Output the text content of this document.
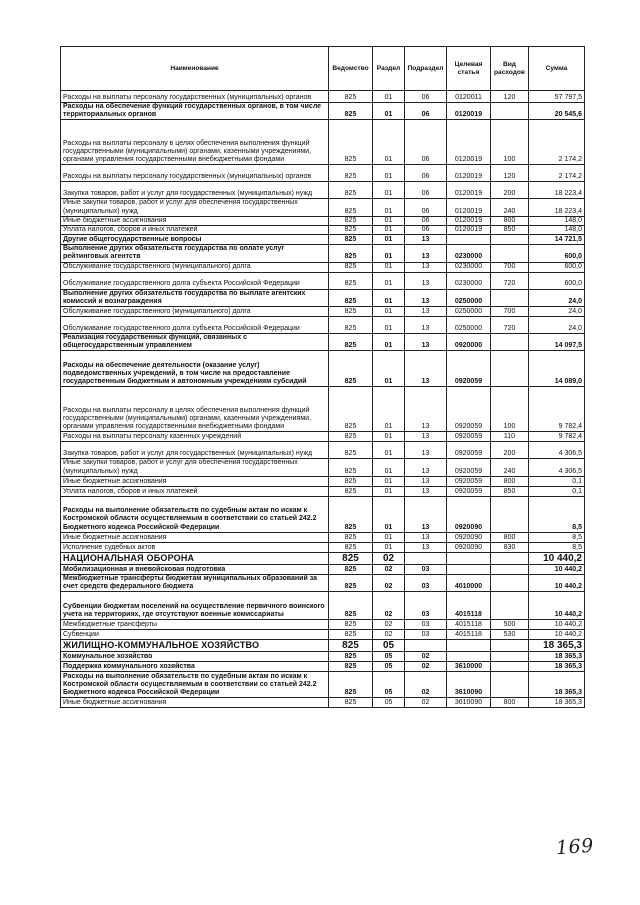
Наименование	Ведомство	Раздел	Подраздел	Целевая статья	Вид расходов	Сумма
Расходы на выплаты персоналу государственных (муниципальных) органов	825	01	06	0120011	120	57 797,5
Расходы на обеспечение функций государственных органов, в том числе территориальных органов	825	01	06	0120019		20 545,6
Расходы на выплаты персоналу в целях обеспечения выполнения функций государственными (муниципальными) органами, казенными учреждениями, органами управления государственными внебюджетными фондами	825	01	06	0120019	100	2 174,2
Расходы на выплаты персоналу государственных (муниципальных) органов	825	01	06	0120019	120	2 174,2
Закупка товаров, работ и услуг для государственных (муниципальных) нужд	825	01	06	0120019	200	18 223,4
Иные закупки товаров, работ и услуг для обеспечения государственных (муниципальных) нужд	825	01	06	0120019	240	18 223,4
Иные бюджетные ассигнования	825	01	06	0120019	800	148,0
Уплата налогов, сборов и иных платежей	825	01	06	0120019	850	148,0
Другие общегосударственные вопросы	825	01	13			14 721,5
Выполнение других обязательств государства по оплате услуг рейтинговых агентств	825	01	13	0230000		600,0
Обслуживание государственного (муниципального) долга	825	01	13	0230000	700	600,0
Обслуживание государственного долга субъекта Российской Федерации	825	01	13	0230000	720	600,0
Выполнение других обязательств государства по выплате агентских комиссий и вознаграждения	825	01	13	0250000		24,0
Обслуживание государственного (муниципального) долга	825	01	13	0250000	700	24,0
Обслуживание государственного долга субъекта Российской Федерации	825	01	13	0250000	720	24,0
Реализация государственных функций, связанных с общегосударственным управлением	825	01	13	0920000		14 097,5
Расходы на обеспечение деятельности (оказание услуг) подведомственных учреждений, в том числе на предоставление государственным бюджетным и автономным учреждениям субсидий	825	01	13	0920059		14 089,0
Расходы на выплаты персоналу в целях обеспечения выполнения функций государственными (муниципальными) органами, казенными учреждениями, органами управления государственными внебюджетными фондами	825	01	13	0920059	100	9 782,4
Расходы на выплаты персоналу казенных учреждений	825	01	13	0920059	110	9 782,4
Закупка товаров, работ и услуг для государственных (муниципальных) нужд	825	01	13	0920059	200	4 306,5
Иные закупки товаров, работ и услуг для обеспечения государственных (муниципальных) нужд	825	01	13	0920059	240	4 306,5
Иные бюджетные ассигнования	825	01	13	0920059	800	0,1
Уплата налогов, сборов и иных платежей	825	01	13	0920059	850	0,1
Расходы на выполнение обязательств по судебным актам по искам к Костромской области осуществляемым в соответствии со статьей 242.2 Бюджетного кодекса Российской Федерации	825	01	13	0920090		8,5
Иные бюджетные ассигнования	825	01	13	0920090	800	8,5
Исполнение судебных актов	825	01	13	0920090	830	8,5
НАЦИОНАЛЬНАЯ ОБОРОНА	825	02				10 440,2
Мобилизационная и вневойсковая подготовка	825	02	03			10 440,2
Межбюджетные трансферты бюджетам муниципальных образований за счет средств федерального бюджета	825	02	03	4010000		10 440,2
Субвенции бюджетам поселений на осуществление первичного воинского учета на территориях, где отсутствуют военные комиссариаты	825	02	03	4015118		10 440,2
Межбюджетные трансферты	825	02	03	4015118	500	10 440,2
Субвенции	825	02	03	4015118	530	10 440,2
ЖИЛИЩНО-КОММУНАЛЬНОЕ ХОЗЯЙСТВО	825	05				18 365,3
Коммунальное хозяйство	825	05	02			18 365,3
Поддержка коммунального хозяйства	825	05	02	3610000		18 365,3
Расходы на выполнение обязательств по судебным актам по искам к Костромской области осуществляемым в соответствии со статьей 242.2 Бюджетного кодекса Российской Федерации	825	05	02	3610090		18 365,3
Иные бюджетные ассигнования	825	05	02	3610090	800	18 365,3
169
